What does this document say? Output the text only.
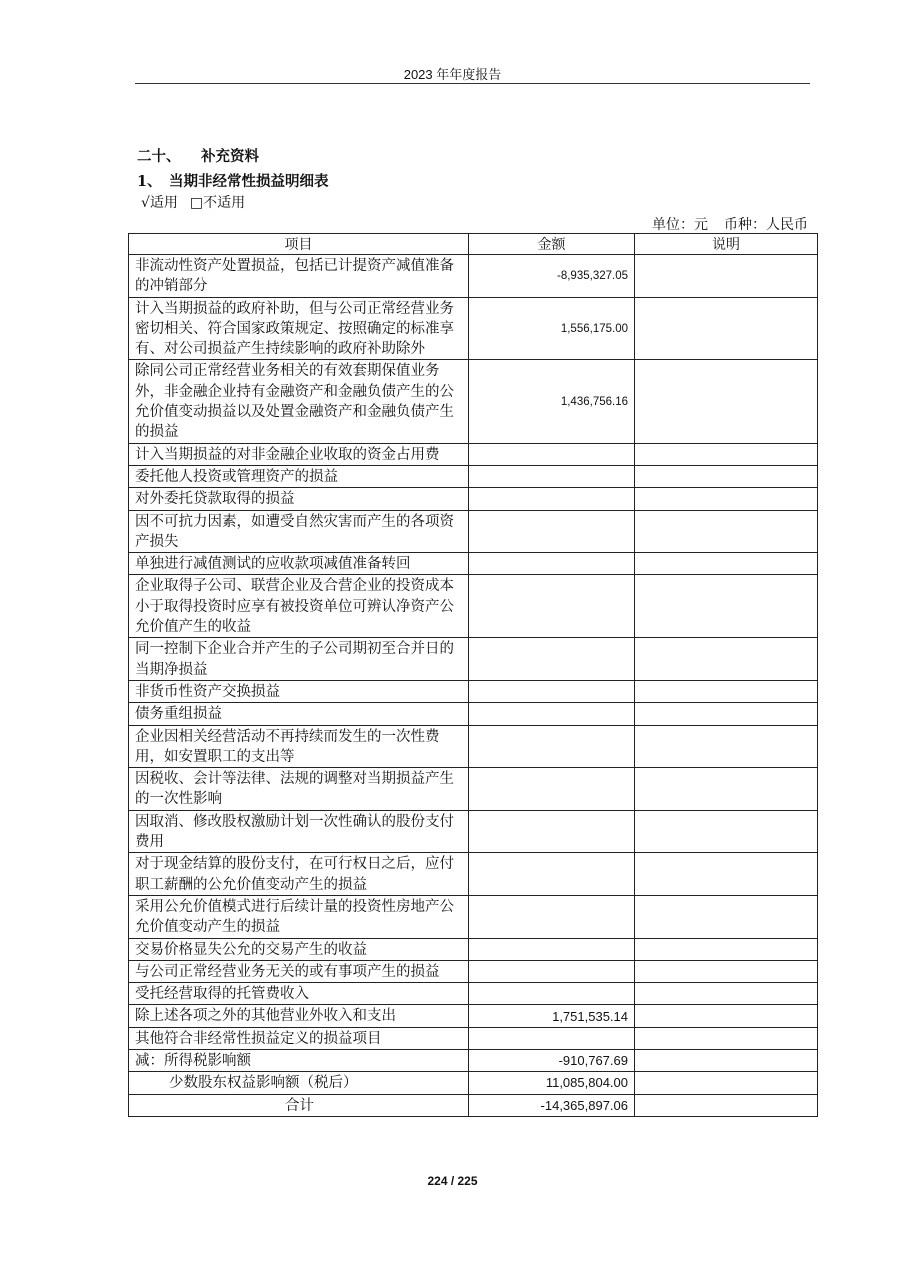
2023 年年度报告
二十、 补充资料
1、 当期非经常性损益明细表
√适用 □不适用
单位：元 币种：人民币
项目	金额	说明
非流动性资产处置损益，包括已计提资产减值准备的冲销部分	-8,935,327.05	
计入当期损益的政府补助，但与公司正常经营业务密切相关、符合国家政策规定、按照确定的标准享有、对公司损益产生持续影响的政府补助除外	1,556,175.00	
除同公司正常经营业务相关的有效套期保值业务外，非金融企业持有金融资产和金融负债产生的公允价值变动损益以及处置金融资产和金融负债产生的损益	1,436,756.16	
计入当期损益的对非金融企业收取的资金占用费		
委托他人投资或管理资产的损益		
对外委托贷款取得的损益		
因不可抗力因素，如遭受自然灾害而产生的各项资产损失		
单独进行减值测试的应收款项减值准备转回		
企业取得子公司、联营企业及合营企业的投资成本小于取得投资时应享有被投资单位可辨认净资产公允价值产生的收益		
同一控制下企业合并产生的子公司期初至合并日的当期净损益		
非货币性资产交换损益		
债务重组损益		
企业因相关经营活动不再持续而发生的一次性费用，如安置职工的支出等		
因税收、会计等法律、法规的调整对当期损益产生的一次性影响		
因取消、修改股权激励计划一次性确认的股份支付费用		
对于现金结算的股份支付，在可行权日之后，应付职工薪酬的公允价值变动产生的损益		
采用公允价值模式进行后续计量的投资性房地产公允价值变动产生的损益		
交易价格显失公允的交易产生的收益		
与公司正常经营业务无关的或有事项产生的损益		
受托经营取得的托管费收入		
除上述各项之外的其他营业外收入和支出	1,751,535.14	
其他符合非经常性损益定义的损益项目		
减：所得税影响额	-910,767.69	
少数股东权益影响额（税后）	11,085,804.00	
合计	-14,365,897.06	
224 / 225
